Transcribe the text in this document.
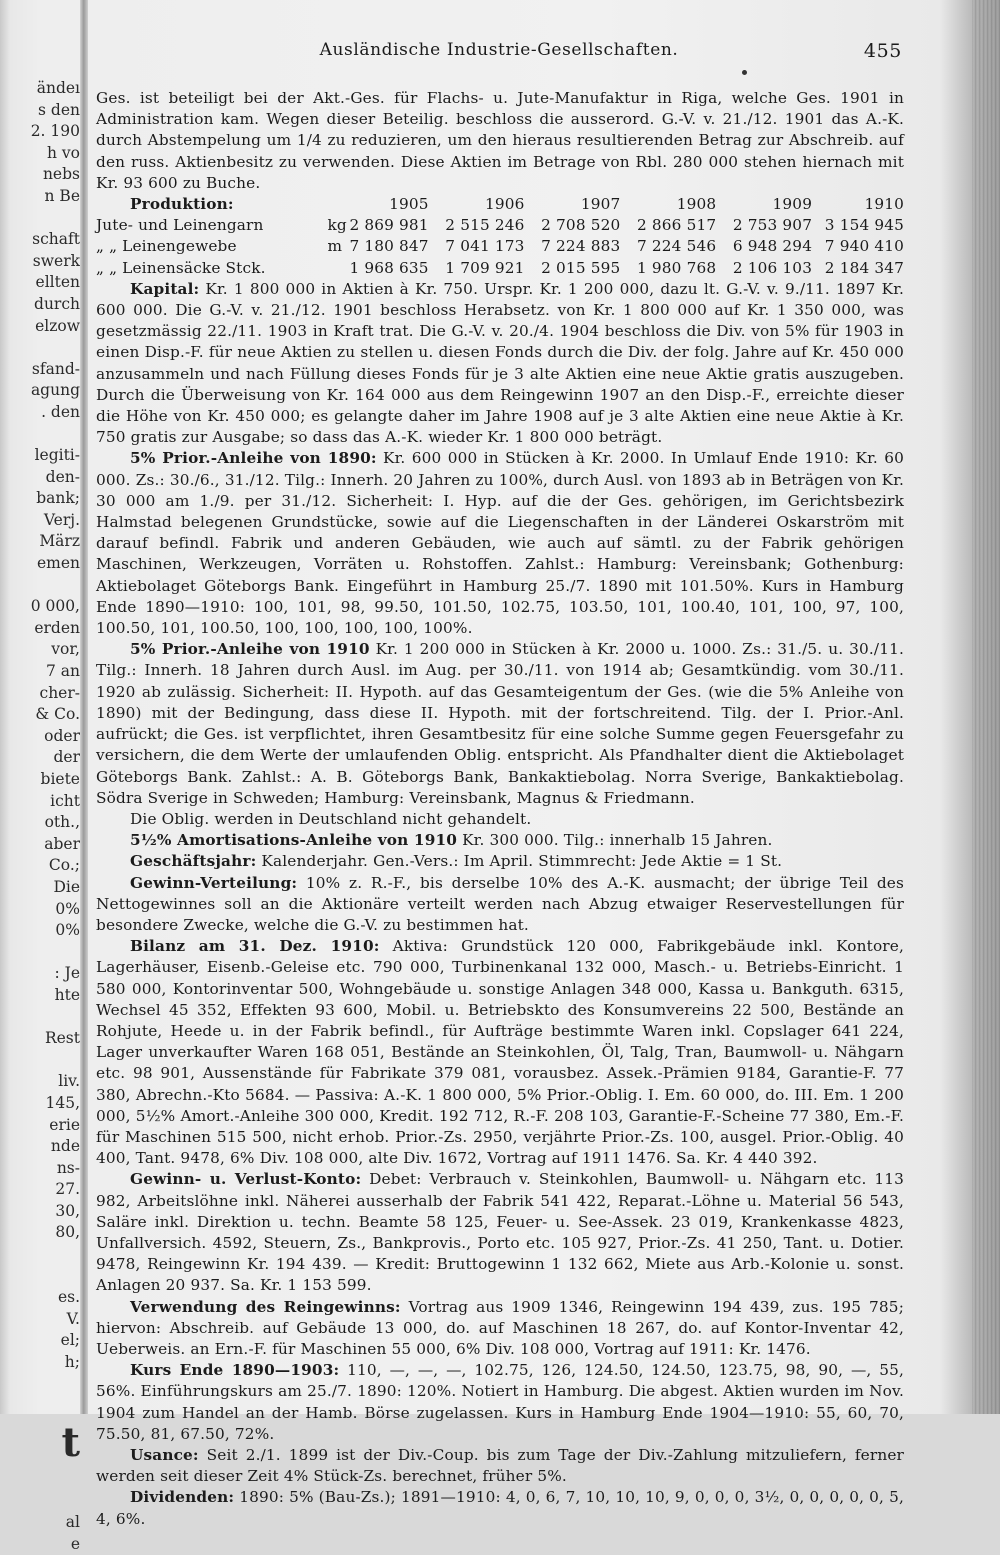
ändeı
s den
2. 190
h vo
nebs
n Be
schaft
swerk
ellten
durch
elzow
sfand-
agung
. den
legiti-
den-
bank;
Verj.
März
emen
0 000,
erden
vor,
7 an
cher-
& Co.
oder
der
biete
icht
oth.,
aber
Co.;
Die
0%
0%
: Je
hte
Rest
liv.
145,
erie
nde
ns-
27.
30,
80,
es.
V.
el;
h;
t
al
e
Ausländische Industrie-Gesellschaften.	455

Ges. ist beteiligt bei der Akt.-Ges. für Flachs- u. Jute-Manufaktur in Riga, welche Ges. 1901 in Administration kam. Wegen dieser Beteilig. beschloss die ausserord. G.-V. v. 21./12. 1901 das A.-K. durch Abstempelung um 1/4 zu reduzieren, um den hieraus resultierenden Betrag zur Abschreib. auf den russ. Aktienbesitz zu verwenden. Diese Aktien im Betrage von Rbl. 280 000 stehen hiernach mit Kr. 93 600 zu Buche.

Produktion:		1905	1906	1907	1908	1909	1910
Jute- und Leinengarn	kg	2 869 981	2 515 246	2 708 520	2 866 517	2 753 907	3 154 945
„ „ Leinengewebe	m	7 180 847	7 041 173	7 224 883	7 224 546	6 948 294	7 940 410
„ „ Leinensäcke Stck.		1 968 635	1 709 921	2 015 595	1 980 768	2 106 103	2 184 347

Kapital: Kr. 1 800 000 in Aktien à Kr. 750. Urspr. Kr. 1 200 000, dazu lt. G.-V. v. 9./11. 1897 Kr. 600 000. Die G.-V. v. 21./12. 1901 beschloss Herabsetz. von Kr. 1 800 000 auf Kr. 1 350 000, was gesetzmässig 22./11. 1903 in Kraft trat. Die G.-V. v. 20./4. 1904 beschloss die Div. von 5% für 1903 in einen Disp.-F. für neue Aktien zu stellen u. diesen Fonds durch die Div. der folg. Jahre auf Kr. 450 000 anzusammeln und nach Füllung dieses Fonds für je 3 alte Aktien eine neue Aktie gratis auszugeben. Durch die Überweisung von Kr. 164 000 aus dem Reingewinn 1907 an den Disp.-F., erreichte dieser die Höhe von Kr. 450 000; es gelangte daher im Jahre 1908 auf je 3 alte Aktien eine neue Aktie à Kr. 750 gratis zur Ausgabe; so dass das A.-K. wieder Kr. 1 800 000 beträgt.

5% Prior.-Anleihe von 1890: Kr. 600 000 in Stücken à Kr. 2000. In Umlauf Ende 1910: Kr. 60 000. Zs.: 30./6., 31./12. Tilg.: Innerh. 20 Jahren zu 100%, durch Ausl. von 1893 ab in Beträgen von Kr. 30 000 am 1./9. per 31./12. Sicherheit: I. Hyp. auf die der Ges. gehörigen, im Gerichtsbezirk Halmstad belegenen Grundstücke, sowie auf die Liegenschaften in der Länderei Oskarström mit darauf befindl. Fabrik und anderen Gebäuden, wie auch auf sämtl. zu der Fabrik gehörigen Maschinen, Werkzeugen, Vorräten u. Rohstoffen. Zahlst.: Hamburg: Vereinsbank; Gothenburg: Aktiebolaget Göteborgs Bank. Eingeführt in Hamburg 25./7. 1890 mit 101.50%. Kurs in Hamburg Ende 1890—1910: 100, 101, 98, 99.50, 101.50, 102.75, 103.50, 101, 100.40, 101, 100, 97, 100, 100.50, 101, 100.50, 100, 100, 100, 100, 100%.

5% Prior.-Anleihe von 1910 Kr. 1 200 000 in Stücken à Kr. 2000 u. 1000. Zs.: 31./5. u. 30./11. Tilg.: Innerh. 18 Jahren durch Ausl. im Aug. per 30./11. von 1914 ab; Gesamtkündig. vom 30./11. 1920 ab zulässig. Sicherheit: II. Hypoth. auf das Gesamteigentum der Ges. (wie die 5% Anleihe von 1890) mit der Bedingung, dass diese II. Hypoth. mit der fortschreitend. Tilg. der I. Prior.-Anl. aufrückt; die Ges. ist verpflichtet, ihren Gesamtbesitz für eine solche Summe gegen Feuersgefahr zu versichern, die dem Werte der umlaufenden Oblig. entspricht. Als Pfandhalter dient die Aktiebolaget Göteborgs Bank. Zahlst.: A. B. Göteborgs Bank, Bankaktiebolag. Norra Sverige, Bankaktiebolag. Södra Sverige in Schweden; Hamburg: Vereinsbank, Magnus & Friedmann.

Die Oblig. werden in Deutschland nicht gehandelt.

5½% Amortisations-Anleihe von 1910 Kr. 300 000. Tilg.: innerhalb 15 Jahren.

Geschäftsjahr: Kalenderjahr. Gen.-Vers.: Im April. Stimmrecht: Jede Aktie = 1 St.

Gewinn-Verteilung: 10% z. R.-F., bis derselbe 10% des A.-K. ausmacht; der übrige Teil des Nettogewinnes soll an die Aktionäre verteilt werden nach Abzug etwaiger Reservestellungen für besondere Zwecke, welche die G.-V. zu bestimmen hat.

Bilanz am 31. Dez. 1910: Aktiva: Grundstück 120 000, Fabrikgebäude inkl. Kontore, Lagerhäuser, Eisenb.-Geleise etc. 790 000, Turbinenkanal 132 000, Masch.- u. Betriebs-Einricht. 1 580 000, Kontorinventar 500, Wohngebäude u. sonstige Anlagen 348 000, Kassa u. Bankguth. 6315, Wechsel 45 352, Effekten 93 600, Mobil. u. Betriebskto des Konsumvereins 22 500, Bestände an Rohjute, Heede u. in der Fabrik befindl., für Aufträge bestimmte Waren inkl. Copslager 641 224, Lager unverkaufter Waren 168 051, Bestände an Steinkohlen, Öl, Talg, Tran, Baumwoll- u. Nähgarn etc. 98 901, Aussenstände für Fabrikate 379 081, vorausbez. Assek.-Prämien 9184, Garantie-F. 77 380, Abrechn.-Kto 5684. — Passiva: A.-K. 1 800 000, 5% Prior.-Oblig. I. Em. 60 000, do. III. Em. 1 200 000, 5½% Amort.-Anleihe 300 000, Kredit. 192 712, R.-F. 208 103, Garantie-F.-Scheine 77 380, Em.-F. für Maschinen 515 500, nicht erhob. Prior.-Zs. 2950, verjährte Prior.-Zs. 100, ausgel. Prior.-Oblig. 40 400, Tant. 9478, 6% Div. 108 000, alte Div. 1672, Vortrag auf 1911 1476. Sa. Kr. 4 440 392.

Gewinn- u. Verlust-Konto: Debet: Verbrauch v. Steinkohlen, Baumwoll- u. Nähgarn etc. 113 982, Arbeitslöhne inkl. Näherei ausserhalb der Fabrik 541 422, Reparat.-Löhne u. Material 56 543, Saläre inkl. Direktion u. techn. Beamte 58 125, Feuer- u. See-Assek. 23 019, Krankenkasse 4823, Unfallversich. 4592, Steuern, Zs., Bankprovis., Porto etc. 105 927, Prior.-Zs. 41 250, Tant. u. Dotier. 9478, Reingewinn Kr. 194 439. — Kredit: Bruttogewinn 1 132 662, Miete aus Arb.-Kolonie u. sonst. Anlagen 20 937. Sa. Kr. 1 153 599.

Verwendung des Reingewinns: Vortrag aus 1909 1346, Reingewinn 194 439, zus. 195 785; hiervon: Abschreib. auf Gebäude 13 000, do. auf Maschinen 18 267, do. auf Kontor-Inventar 42, Ueberweis. an Ern.-F. für Maschinen 55 000, 6% Div. 108 000, Vortrag auf 1911: Kr. 1476.

Kurs Ende 1890—1903: 110, —, —, —, 102.75, 126, 124.50, 124.50, 123.75, 98, 90, —, 55, 56%. Einführungskurs am 25./7. 1890: 120%. Notiert in Hamburg. Die abgest. Aktien wurden im Nov. 1904 zum Handel an der Hamb. Börse zugelassen. Kurs in Hamburg Ende 1904—1910: 55, 60, 70, 75.50, 81, 67.50, 72%.

Usance: Seit 2./1. 1899 ist der Div.-Coup. bis zum Tage der Div.-Zahlung mitzuliefern, ferner werden seit dieser Zeit 4% Stück-Zs. berechnet, früher 5%.

Dividenden: 1890: 5% (Bau-Zs.); 1891—1910: 4, 0, 6, 7, 10, 10, 10, 9, 0, 0, 0, 3½, 0, 0, 0, 0, 0, 5, 4, 6%.
